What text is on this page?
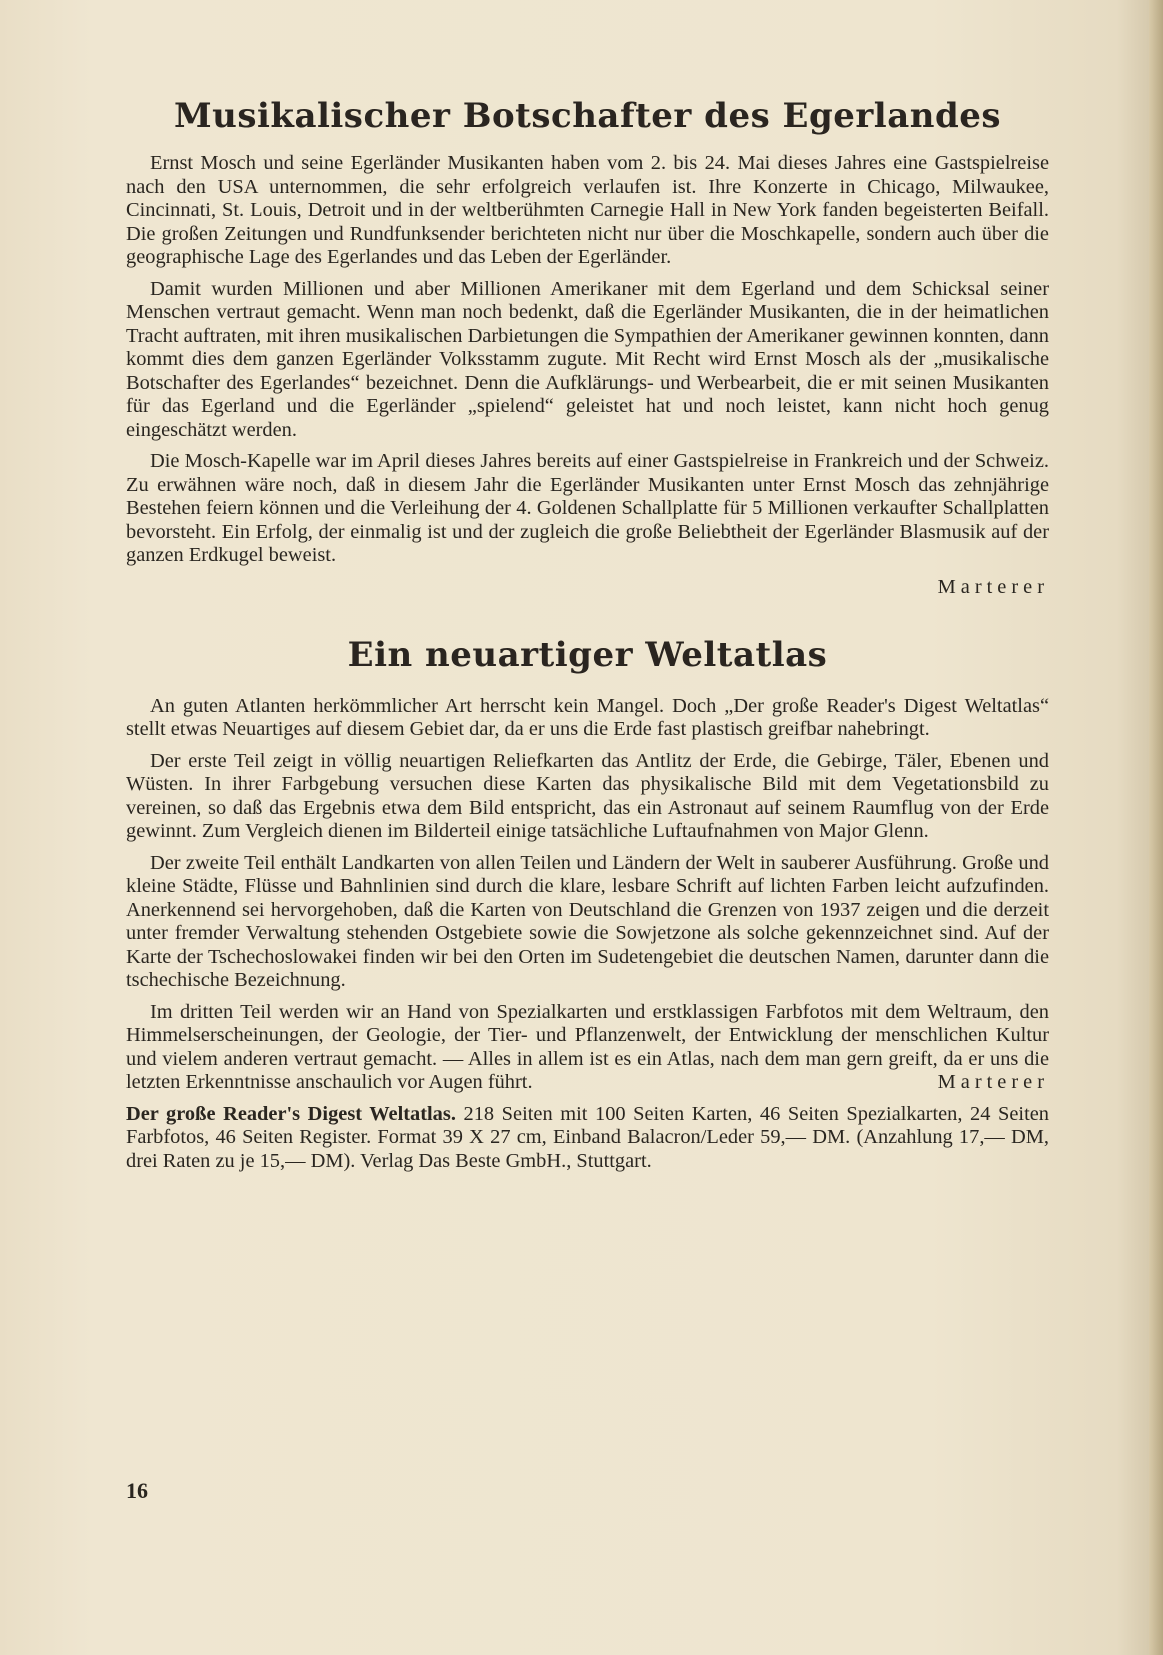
Musikalischer Botschafter des Egerlandes

Ernst Mosch und seine Egerländer Musikanten haben vom 2. bis 24. Mai dieses Jahres eine Gastspielreise nach den USA unternommen, die sehr erfolgreich verlaufen ist. Ihre Konzerte in Chicago, Milwaukee, Cincinnati, St. Louis, Detroit und in der weltberühmten Carnegie Hall in New York fanden begeisterten Beifall. Die großen Zeitungen und Rundfunksender berichteten nicht nur über die Moschkapelle, sondern auch über die geographische Lage des Egerlandes und das Leben der Egerländer.

Damit wurden Millionen und aber Millionen Amerikaner mit dem Egerland und dem Schicksal seiner Menschen vertraut gemacht. Wenn man noch bedenkt, daß die Egerländer Musikanten, die in der heimatlichen Tracht auftraten, mit ihren musikalischen Darbietungen die Sympathien der Amerikaner gewinnen konnten, dann kommt dies dem ganzen Egerländer Volksstamm zugute. Mit Recht wird Ernst Mosch als der „musikalische Botschafter des Egerlandes“ bezeichnet. Denn die Aufklärungs- und Werbearbeit, die er mit seinen Musikanten für das Egerland und die Egerländer „spielend“ geleistet hat und noch leistet, kann nicht hoch genug eingeschätzt werden.

Die Mosch-Kapelle war im April dieses Jahres bereits auf einer Gastspielreise in Frankreich und der Schweiz. Zu erwähnen wäre noch, daß in diesem Jahr die Egerländer Musikanten unter Ernst Mosch das zehnjährige Bestehen feiern können und die Verleihung der 4. Goldenen Schallplatte für 5 Millionen verkaufter Schallplatten bevorsteht. Ein Erfolg, der einmalig ist und der zugleich die große Beliebtheit der Egerländer Blasmusik auf der ganzen Erdkugel beweist.

Marterer
Ein neuartiger Weltatlas

An guten Atlanten herkömmlicher Art herrscht kein Mangel. Doch „Der große Reader's Digest Weltatlas“ stellt etwas Neuartiges auf diesem Gebiet dar, da er uns die Erde fast plastisch greifbar nahebringt.

Der erste Teil zeigt in völlig neuartigen Reliefkarten das Antlitz der Erde, die Gebirge, Täler, Ebenen und Wüsten. In ihrer Farbgebung versuchen diese Karten das physikalische Bild mit dem Vegetationsbild zu vereinen, so daß das Ergebnis etwa dem Bild entspricht, das ein Astronaut auf seinem Raumflug von der Erde gewinnt. Zum Vergleich dienen im Bilderteil einige tatsächliche Luftaufnahmen von Major Glenn.

Der zweite Teil enthält Landkarten von allen Teilen und Ländern der Welt in sauberer Ausführung. Große und kleine Städte, Flüsse und Bahnlinien sind durch die klare, lesbare Schrift auf lichten Farben leicht aufzufinden. Anerkennend sei hervorgehoben, daß die Karten von Deutschland die Grenzen von 1937 zeigen und die derzeit unter fremder Verwaltung stehenden Ostgebiete sowie die Sowjetzone als solche gekennzeichnet sind. Auf der Karte der Tschechoslowakei finden wir bei den Orten im Sudetengebiet die deutschen Namen, darunter dann die tschechische Bezeichnung.

Im dritten Teil werden wir an Hand von Spezialkarten und erstklassigen Farbfotos mit dem Weltraum, den Himmelserscheinungen, der Geologie, der Tier- und Pflanzenwelt, der Entwicklung der menschlichen Kultur und vielem anderen vertraut gemacht. — Alles in allem ist es ein Atlas, nach dem man gern greift, da er uns die letzten Erkenntnisse anschaulich vor Augen führt.	Marterer

Der große Reader's Digest Weltatlas. 218 Seiten mit 100 Seiten Karten, 46 Seiten Spezialkarten, 24 Seiten Farbfotos, 46 Seiten Register. Format 39 X 27 cm, Einband Balacron/Leder 59,— DM. (Anzahlung 17,— DM, drei Raten zu je 15,— DM). Verlag Das Beste GmbH., Stuttgart.

16
